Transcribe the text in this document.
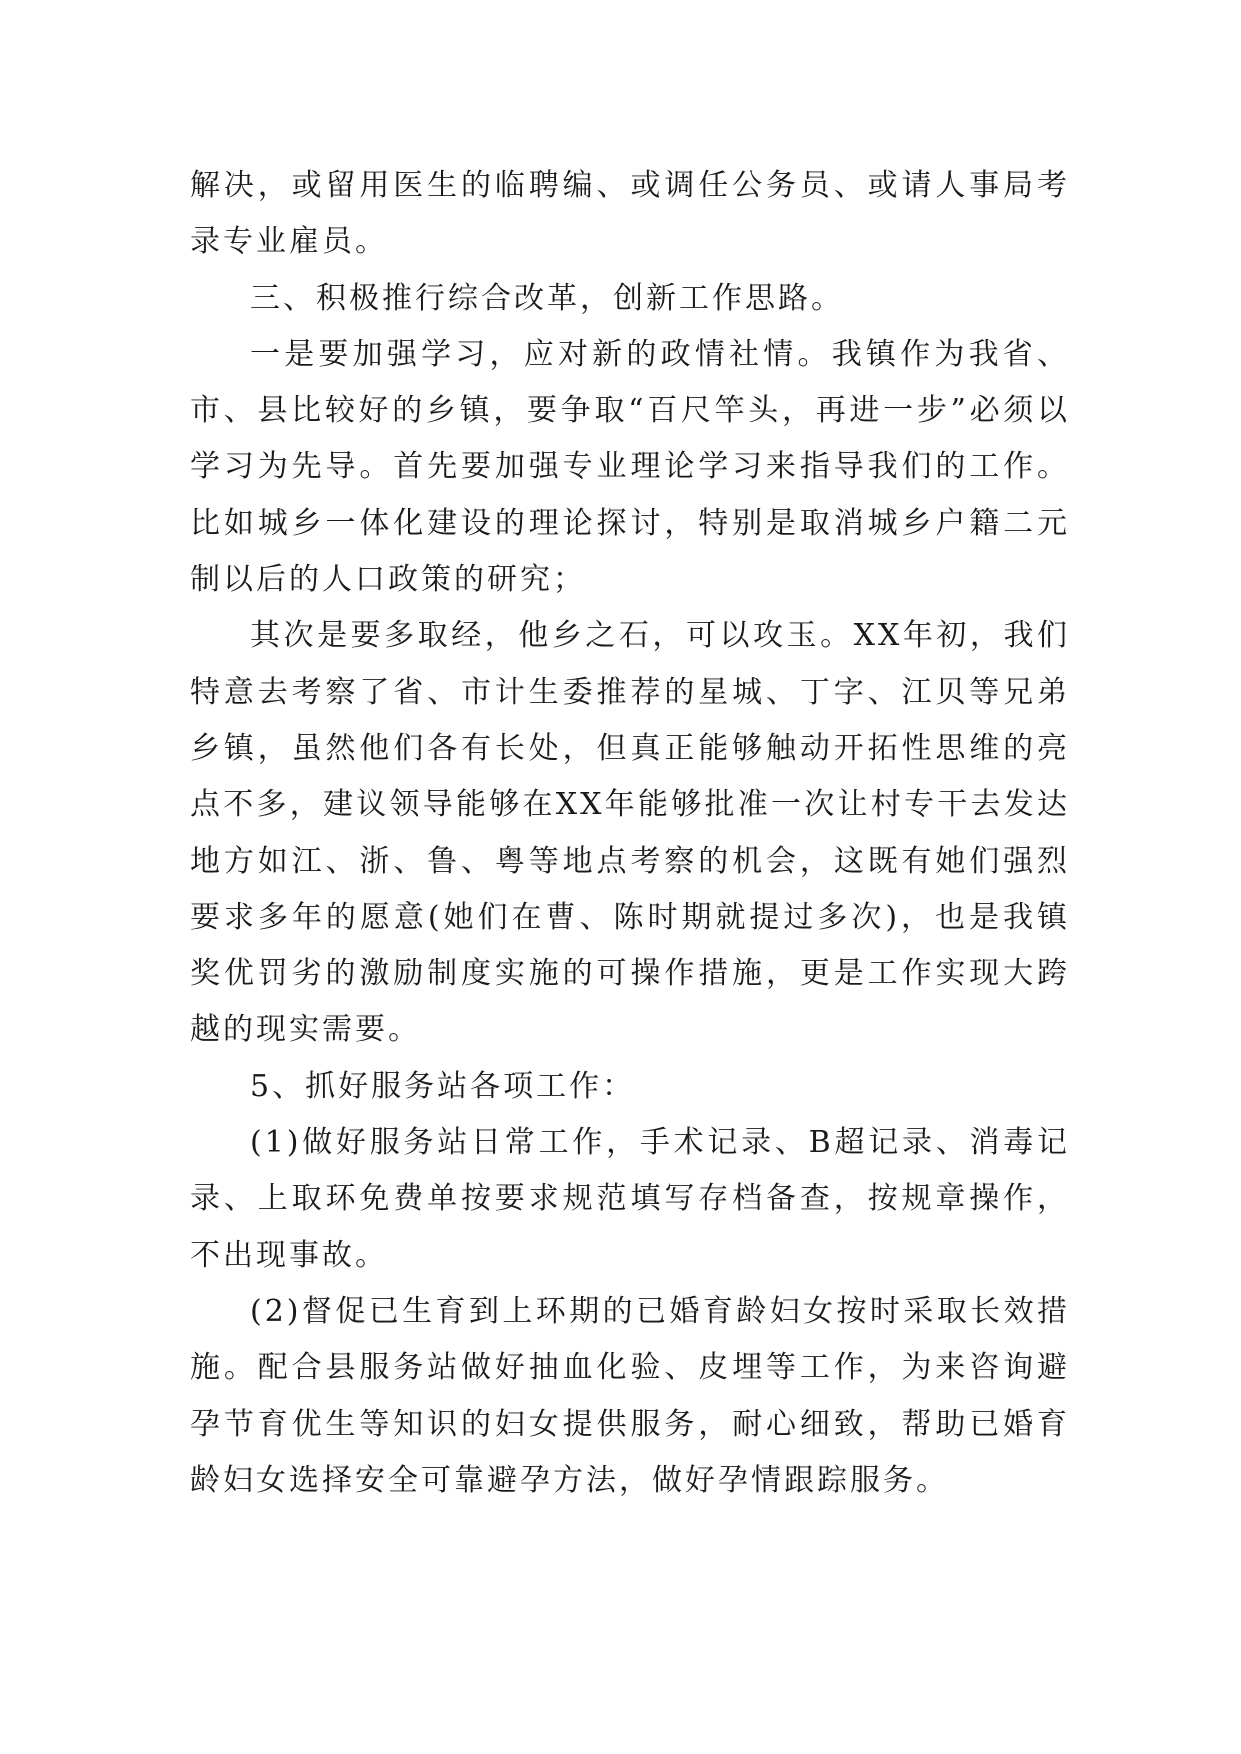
解决，或留用医生的临聘编、或调任公务员、或请人事局考录专业雇员。

三、积极推行综合改革，创新工作思路。

一是要加强学习，应对新的政情社情。我镇作为我省、市、县比较好的乡镇，要争取“百尺竿头，再进一步”必须以学习为先导。首先要加强专业理论学习来指导我们的工作。比如城乡一体化建设的理论探讨，特别是取消城乡户籍二元制以后的人口政策的研究；

其次是要多取经，他乡之石，可以攻玉。XX年初，我们特意去考察了省、市计生委推荐的星城、丁字、江贝等兄弟乡镇，虽然他们各有长处，但真正能够触动开拓性思维的亮点不多，建议领导能够在XX年能够批准一次让村专干去发达地方如江、浙、鲁、粤等地点考察的机会，这既有她们强烈要求多年的愿意(她们在曹、陈时期就提过多次)，也是我镇奖优罚劣的激励制度实施的可操作措施，更是工作实现大跨越的现实需要。

5、抓好服务站各项工作：

(1)做好服务站日常工作，手术记录、B超记录、消毒记录、上取环免费单按要求规范填写存档备查，按规章操作，不出现事故。

(2)督促已生育到上环期的已婚育龄妇女按时采取长效措施。配合县服务站做好抽血化验、皮埋等工作，为来咨询避孕节育优生等知识的妇女提供服务，耐心细致，帮助已婚育龄妇女选择安全可靠避孕方法，做好孕情跟踪服务。
